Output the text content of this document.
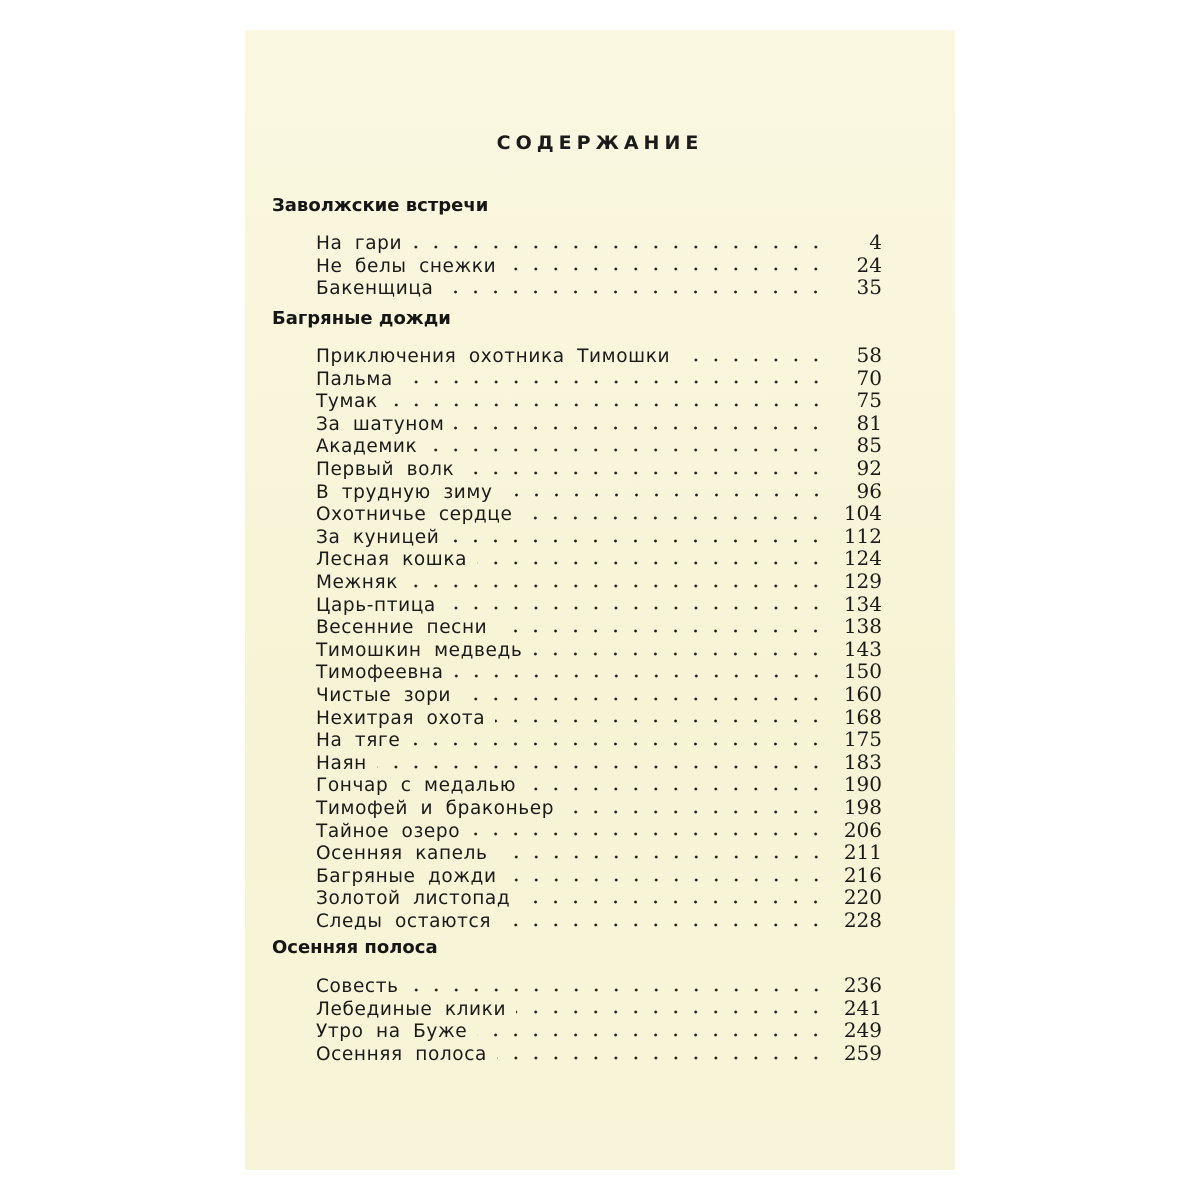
СОДЕРЖАНИЕ
Заволжские встречи
На гари	4
Не белы снежки	24
Бакенщица	35
Багряные дожди
Приключения охотника Тимошки	58
Пальма	70
Тумак	75
За шатуном	81
Академик	85
Первый волк	92
В трудную зиму	96
Охотничье сердце	104
За куницей	112
Лесная кошка	124
Межняк	129
Царь-птица	134
Весенние песни	138
Тимошкин медведь	143
Тимофеевна	150
Чистые зори	160
Нехитрая охота	168
На тяге	175
Наян	183
Гончар с медалью	190
Тимофей и браконьер	198
Тайное озеро	206
Осенняя капель	211
Багряные дожди	216
Золотой листопад	220
Следы остаются	228
Осенняя полоса
Совесть	236
Лебединые клики	241
Утро на Буже	249
Осенняя полоса	259
